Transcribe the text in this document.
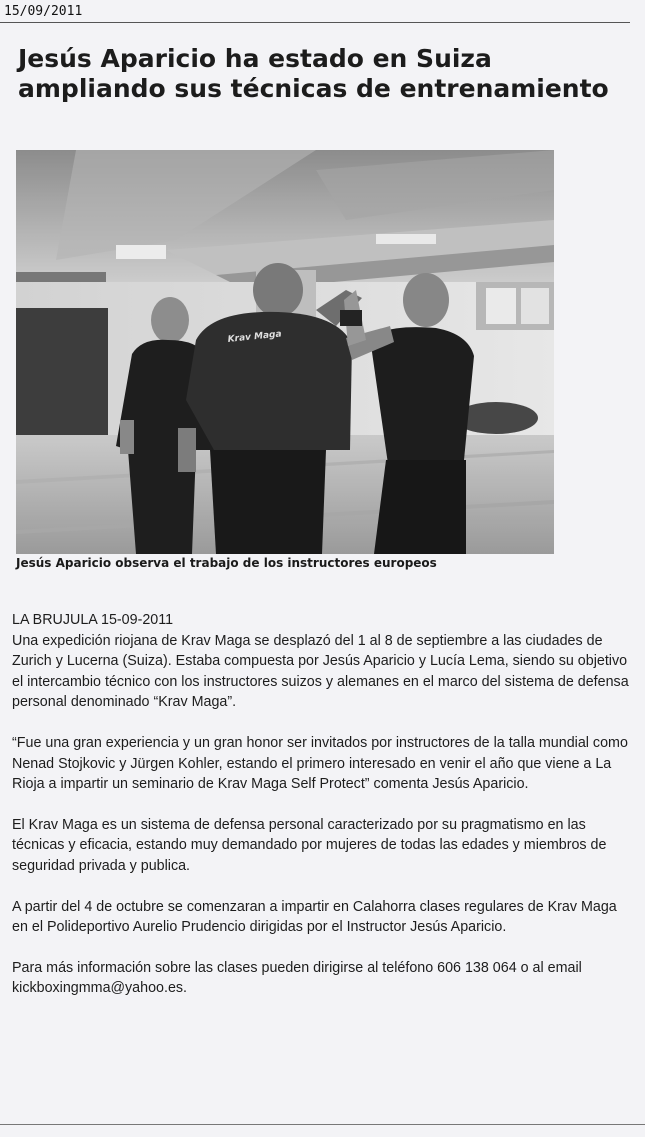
15/09/2011
Jesús Aparicio ha estado en Suiza ampliando sus técnicas de entrenamiento
Krav Maga
Jesús Aparicio observa el trabajo de los instructores europeos

LA BRUJULA 15-09-2011

Una expedición riojana de Krav Maga se desplazó del 1 al 8 de septiembre a las ciudades de Zurich y Lucerna (Suiza). Estaba compuesta por Jesús Aparicio y Lucía Lema, siendo su objetivo el intercambio técnico con los instructores suizos y alemanes en el marco del sistema de defensa personal denominado “Krav Maga”.

“Fue una gran experiencia y un gran honor ser invitados por instructores de la talla mundial como Nenad Stojkovic y Jürgen Kohler, estando el primero interesado en venir el año que viene a La Rioja a impartir un seminario de Krav Maga Self Protect” comenta Jesús Aparicio.

El Krav Maga es un sistema de defensa personal caracterizado por su pragmatismo en las técnicas y eficacia, estando muy demandado por mujeres de todas las edades y miembros de seguridad privada y publica.

A partir del 4 de octubre se comenzaran a impartir en Calahorra clases regulares de Krav Maga en el Polideportivo Aurelio Prudencio dirigidas por el Instructor Jesús Aparicio.

Para más información sobre las clases pueden dirigirse al teléfono 606 138 064 o al email kickboxingmma@yahoo.es.
